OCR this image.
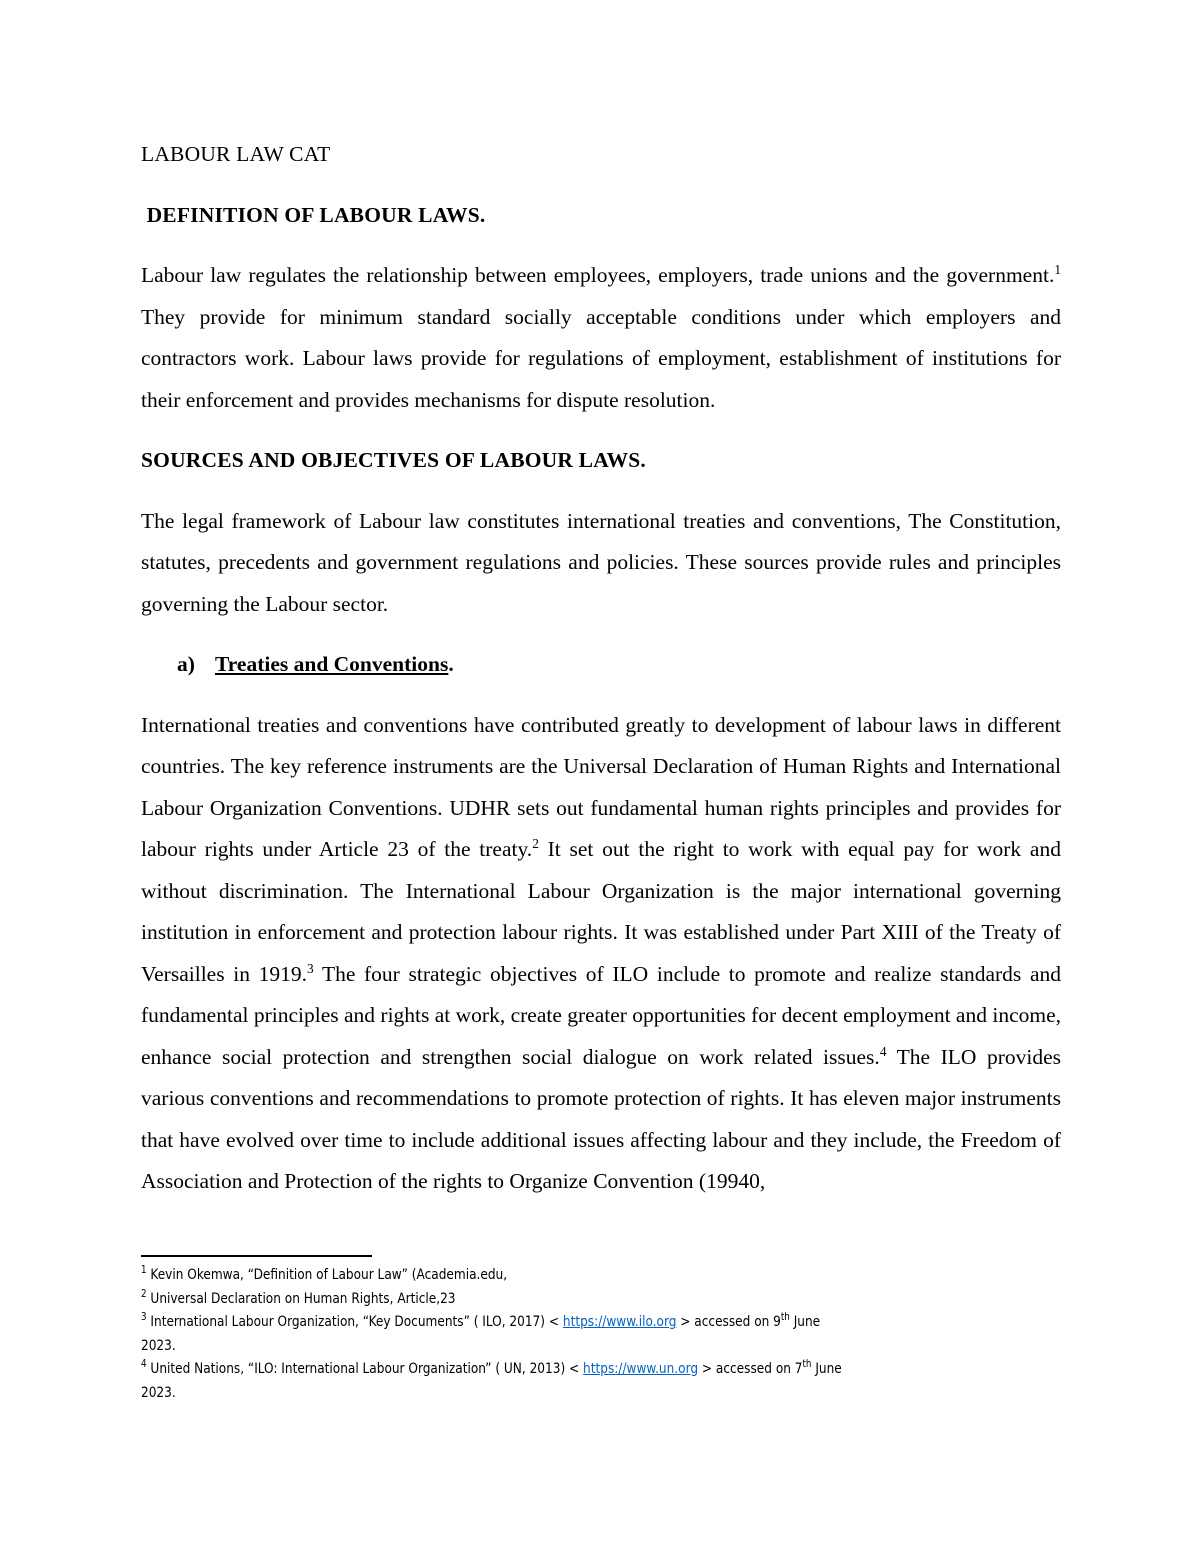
LABOUR LAW CAT
DEFINITION OF LABOUR LAWS.

Labour law regulates the relationship between employees, employers, trade unions and the government.$^1$ They provide for minimum standard socially acceptable conditions under which employers and contractors work. Labour laws provide for regulations of employment, establishment of institutions for their enforcement and provides mechanisms for dispute resolution.

SOURCES AND OBJECTIVES OF LABOUR LAWS.

The legal framework of Labour law constitutes international treaties and conventions, The Constitution, statutes, precedents and government regulations and policies. These sources provide rules and principles governing the Labour sector.

a) Treaties and Conventions.

International treaties and conventions have contributed greatly to development of labour laws in different countries. The key reference instruments are the Universal Declaration of Human Rights and International Labour Organization Conventions. UDHR sets out fundamental human rights principles and provides for labour rights under Article 23 of the treaty.$^2$ It set out the right to work with equal pay for work and without discrimination. The International Labour Organization is the major international governing institution in enforcement and protection labour rights. It was established under Part XIII of the Treaty of Versailles in 1919.$^3$ The four strategic objectives of ILO include to promote and realize standards and fundamental principles and rights at work, create greater opportunities for decent employment and income, enhance social protection and strengthen social dialogue on work related issues.$^4$ The ILO provides various conventions and recommendations to promote protection of rights. It has eleven major instruments that have evolved over time to include additional issues affecting labour and they include, the Freedom of Association and Protection of the rights to Organize Convention (19940,

$^1$ Kevin Okemwa, “Definition of Labour Law” (Academia.edu,

$^2$ Universal Declaration on Human Rights, Article,23

$^3$ International Labour Organization, “Key Documents” ( ILO, 2017) < https://www.ilo.org > accessed on 9th June

2023.

$^4$ United Nations, “ILO: International Labour Organization” ( UN, 2013) < https://www.un.org > accessed on 7th June

2023.
